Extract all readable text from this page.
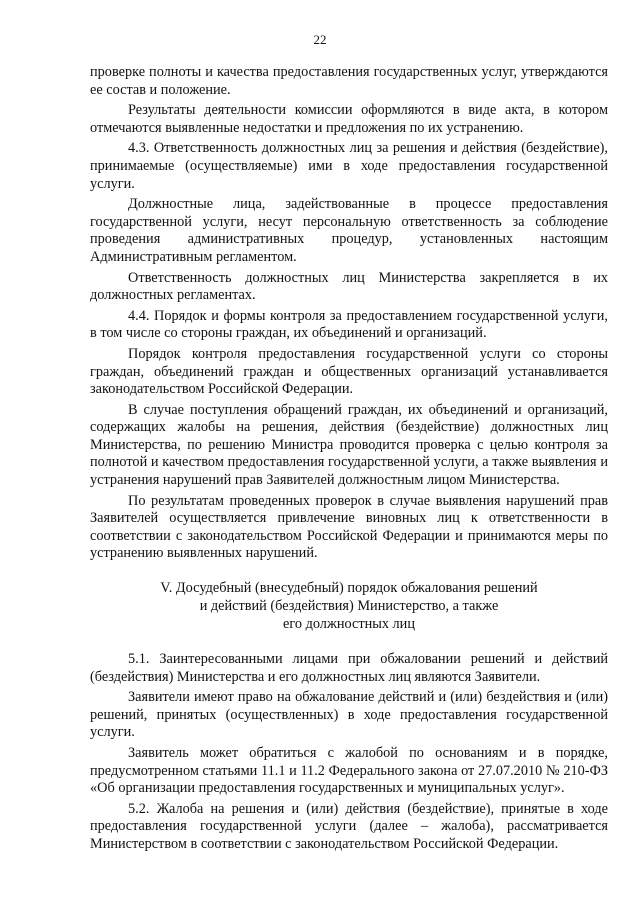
22

проверке полноты и качества предоставления государственных услуг, утверждаются ее состав и положение.

Результаты деятельности комиссии оформляются в виде акта, в котором отмечаются выявленные недостатки и предложения по их устранению.

4.3. Ответственность должностных лиц за решения и действия (бездействие), принимаемые (осуществляемые) ими в ходе предоставления государственной услуги.

Должностные лица, задействованные в процессе предоставления государственной услуги, несут персональную ответственность за соблюдение проведения административных процедур, установленных настоящим Административным регламентом.

Ответственность должностных лиц Министерства закрепляется в их должностных регламентах.

4.4. Порядок и формы контроля за предоставлением государственной услуги, в том числе со стороны граждан, их объединений и организаций.

Порядок контроля предоставления государственной услуги со стороны граждан, объединений граждан и общественных организаций устанавливается законодательством Российской Федерации.

В случае поступления обращений граждан, их объединений и организаций, содержащих жалобы на решения, действия (бездействие) должностных лиц Министерства, по решению Министра проводится проверка с целью контроля за полнотой и качеством предоставления государственной услуги, а также выявления и устранения нарушений прав Заявителей должностным лицом Министерства.

По результатам проведенных проверок в случае выявления нарушений прав Заявителей осуществляется привлечение виновных лиц к ответственности в соответствии с законодательством Российской Федерации и принимаются меры по устранению выявленных нарушений.

V. Досудебный (внесудебный) порядок обжалования решений
и действий (бездействия) Министерство, а также
его должностных лиц

5.1. Заинтересованными лицами при обжаловании решений и действий (бездействия) Министерства и его должностных лиц являются Заявители.

Заявители имеют право на обжалование действий и (или) бездействия и (или) решений, принятых (осуществленных) в ходе предоставления государственной услуги.

Заявитель может обратиться с жалобой по основаниям и в порядке, предусмотренном статьями 11.1 и 11.2 Федерального закона от 27.07.2010 № 210-ФЗ «Об организации предоставления государственных и муниципальных услуг».

5.2. Жалоба на решения и (или) действия (бездействие), принятые в ходе предоставления государственной услуги (далее – жалоба), рассматривается Министерством в соответствии с законодательством Российской Федерации.
